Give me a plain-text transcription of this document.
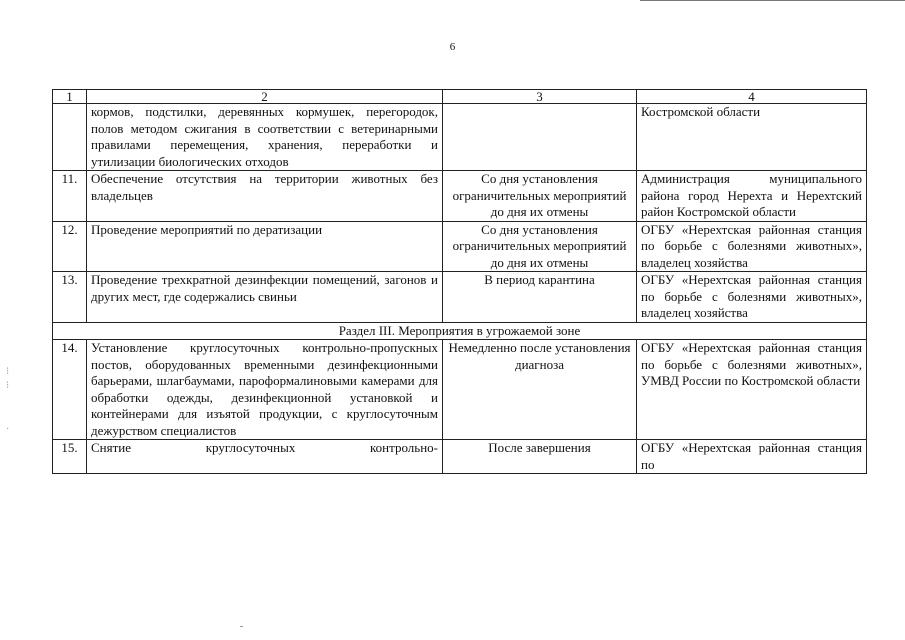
6
⁝
⁝
·
1	2	3	4
	кормов, подстилки, деревянных кормушек, перегородок, полов методом сжигания в соответствии с ветеринарными правилами перемещения, хранения, переработки и утилизации биологических отходов		Костромской области
11.	Обеспечение отсутствия на территории животных без владельцев	Со дня установления ограничительных мероприятий до дня их отмены	Администрация муниципального района город Нерехта и Нерехтский район Костромской области
12.	Проведение мероприятий по дератизации	Со дня установления ограничительных мероприятий до дня их отмены	ОГБУ «Нерехтская районная станция по борьбе с болезнями животных», владелец хозяйства
13.	Проведение трехкратной дезинфекции помещений, загонов и других мест, где содержались свиньи	В период карантина	ОГБУ «Нерехтская районная станция по борьбе с болезнями животных», владелец хозяйства
Раздел III. Мероприятия в угрожаемой зоне			
14.	Установление круглосуточных контрольно-пропускных постов, оборудованных временными дезинфекционными барьерами, шлагбаумами, пароформалиновыми камерами для обработки одежды, дезинфекционной установкой и контейнерами для изъятой продукции, с круглосуточным дежурством специалистов	Немедленно после установления диагноза	ОГБУ «Нерехтская районная станция по борьбе с болезнями животных», УМВД России по Костромской области
15.	Снятие круглосуточных контрольно-	После завершения	ОГБУ «Нерехтская районная станция по
